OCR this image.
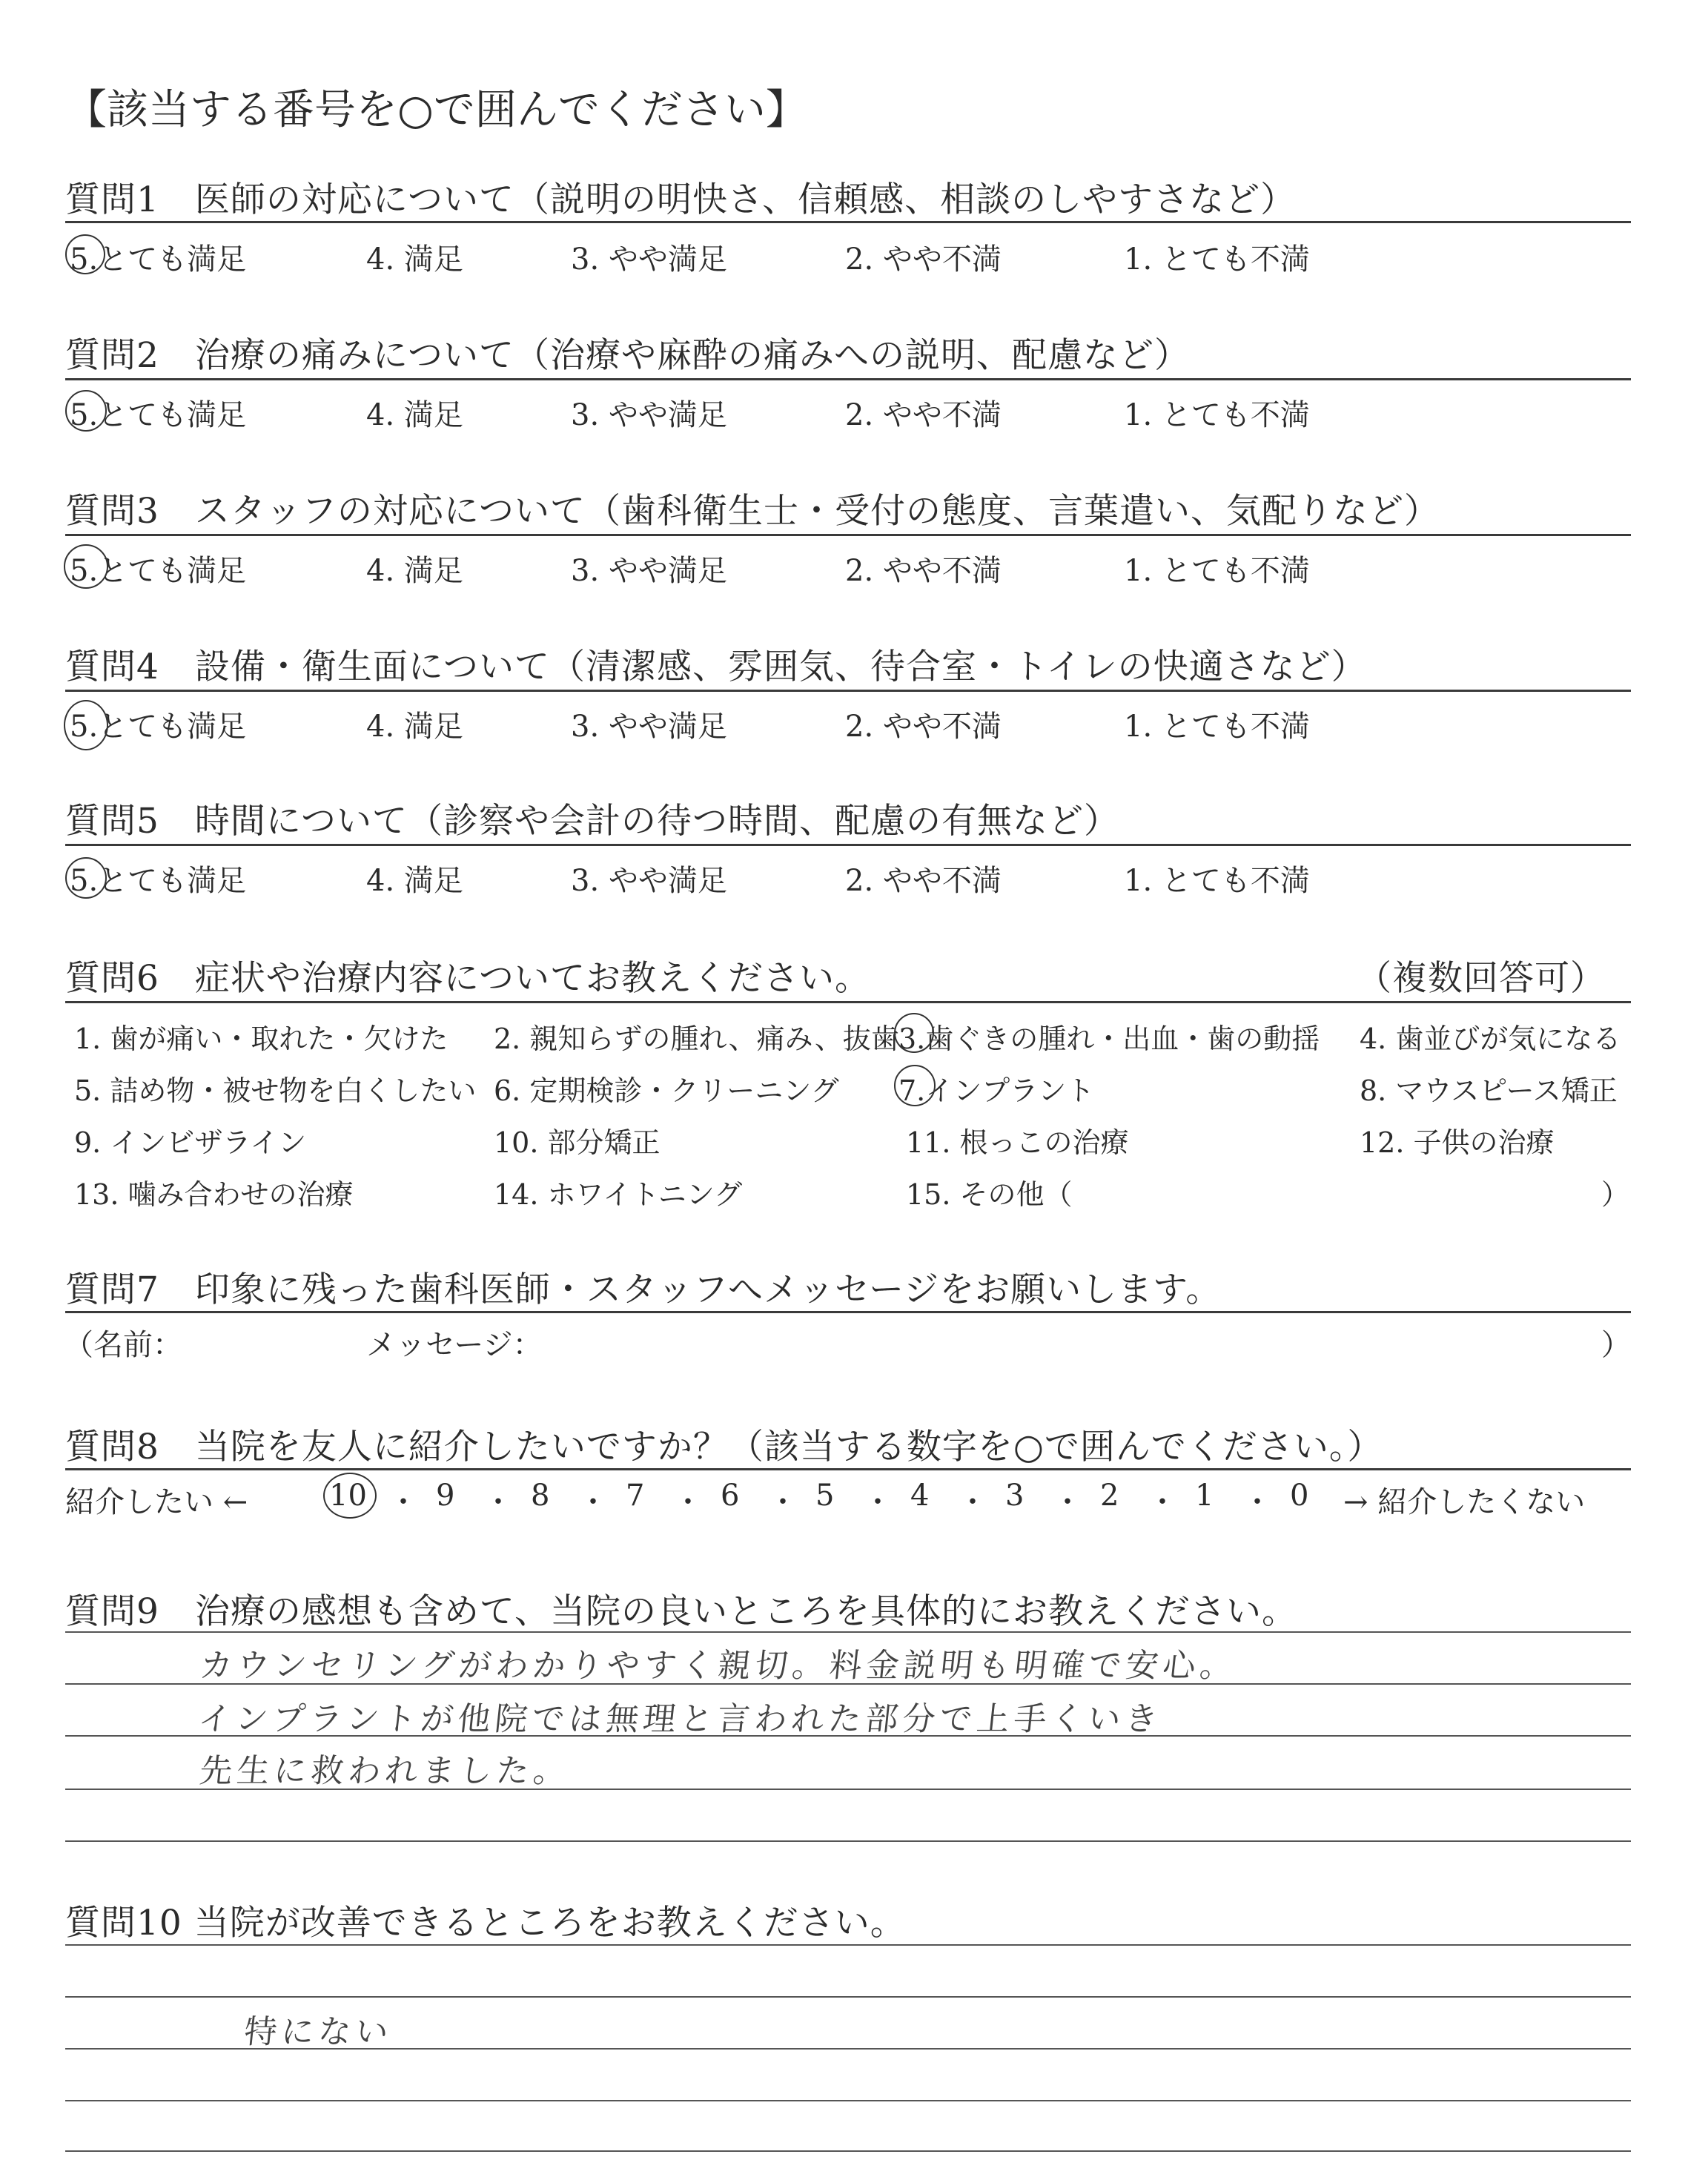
【該当する番号を○で囲んでください】
質問1　医師の対応について（説明の明快さ、信頼感、相談のしやすさなど）
5.とても満足	4. 満足	3. やや満足	2. やや不満	1. とても不満
質問2　治療の痛みについて（治療や麻酔の痛みへの説明、配慮など）
5.とても満足	4. 満足	3. やや満足	2. やや不満	1. とても不満
質問3　スタッフの対応について（歯科衛生士・受付の態度、言葉遣い、気配りなど）
5.とても満足	4. 満足	3. やや満足	2. やや不満	1. とても不満
質問4　設備・衛生面について（清潔感、雰囲気、待合室・トイレの快適さなど）
5.とても満足	4. 満足	3. やや満足	2. やや不満	1. とても不満
質問5　時間について（診察や会計の待つ時間、配慮の有無など）
5.とても満足	4. 満足	3. やや満足	2. やや不満	1. とても不満
質問6　症状や治療内容についてお教えください。	（複数回答可）
1. 歯が痛い・取れた・欠けた 2. 親知らずの腫れ、痛み、抜歯 3.歯ぐきの腫れ・出血・歯の動揺 4. 歯並びが気になる
5. 詰め物・被せ物を白くしたい 6. 定期検診・クリーニング 7.インプラント	8. マウスピース矯正
9. インビザライン	10. 部分矯正	11. 根っこの治療	12. 子供の治療
13. 噛み合わせの治療	14. ホワイトニング	15. その他（	）
質問7　印象に残った歯科医師・スタッフへメッセージをお願いします。
（名前：	メッセージ：	）
質問8　当院を友人に紹介したいですか？（該当する数字を○で囲んでください。）
紹介したい ←	→ 紹介したくない
10 ・ 9 ・ 8 ・ 7 ・ 6 ・ 5 ・ 4 ・ 3 ・ 2 ・ 1 ・ 0
質問9　治療の感想も含めて、当院の良いところを具体的にお教えください。
カウンセリングがわかりやすく親切。料金説明も明確で安心。
インプラントが他院では無理と言われた部分で上手くいき
先生に救われました。
質問10 当院が改善できるところをお教えください。
特にない
